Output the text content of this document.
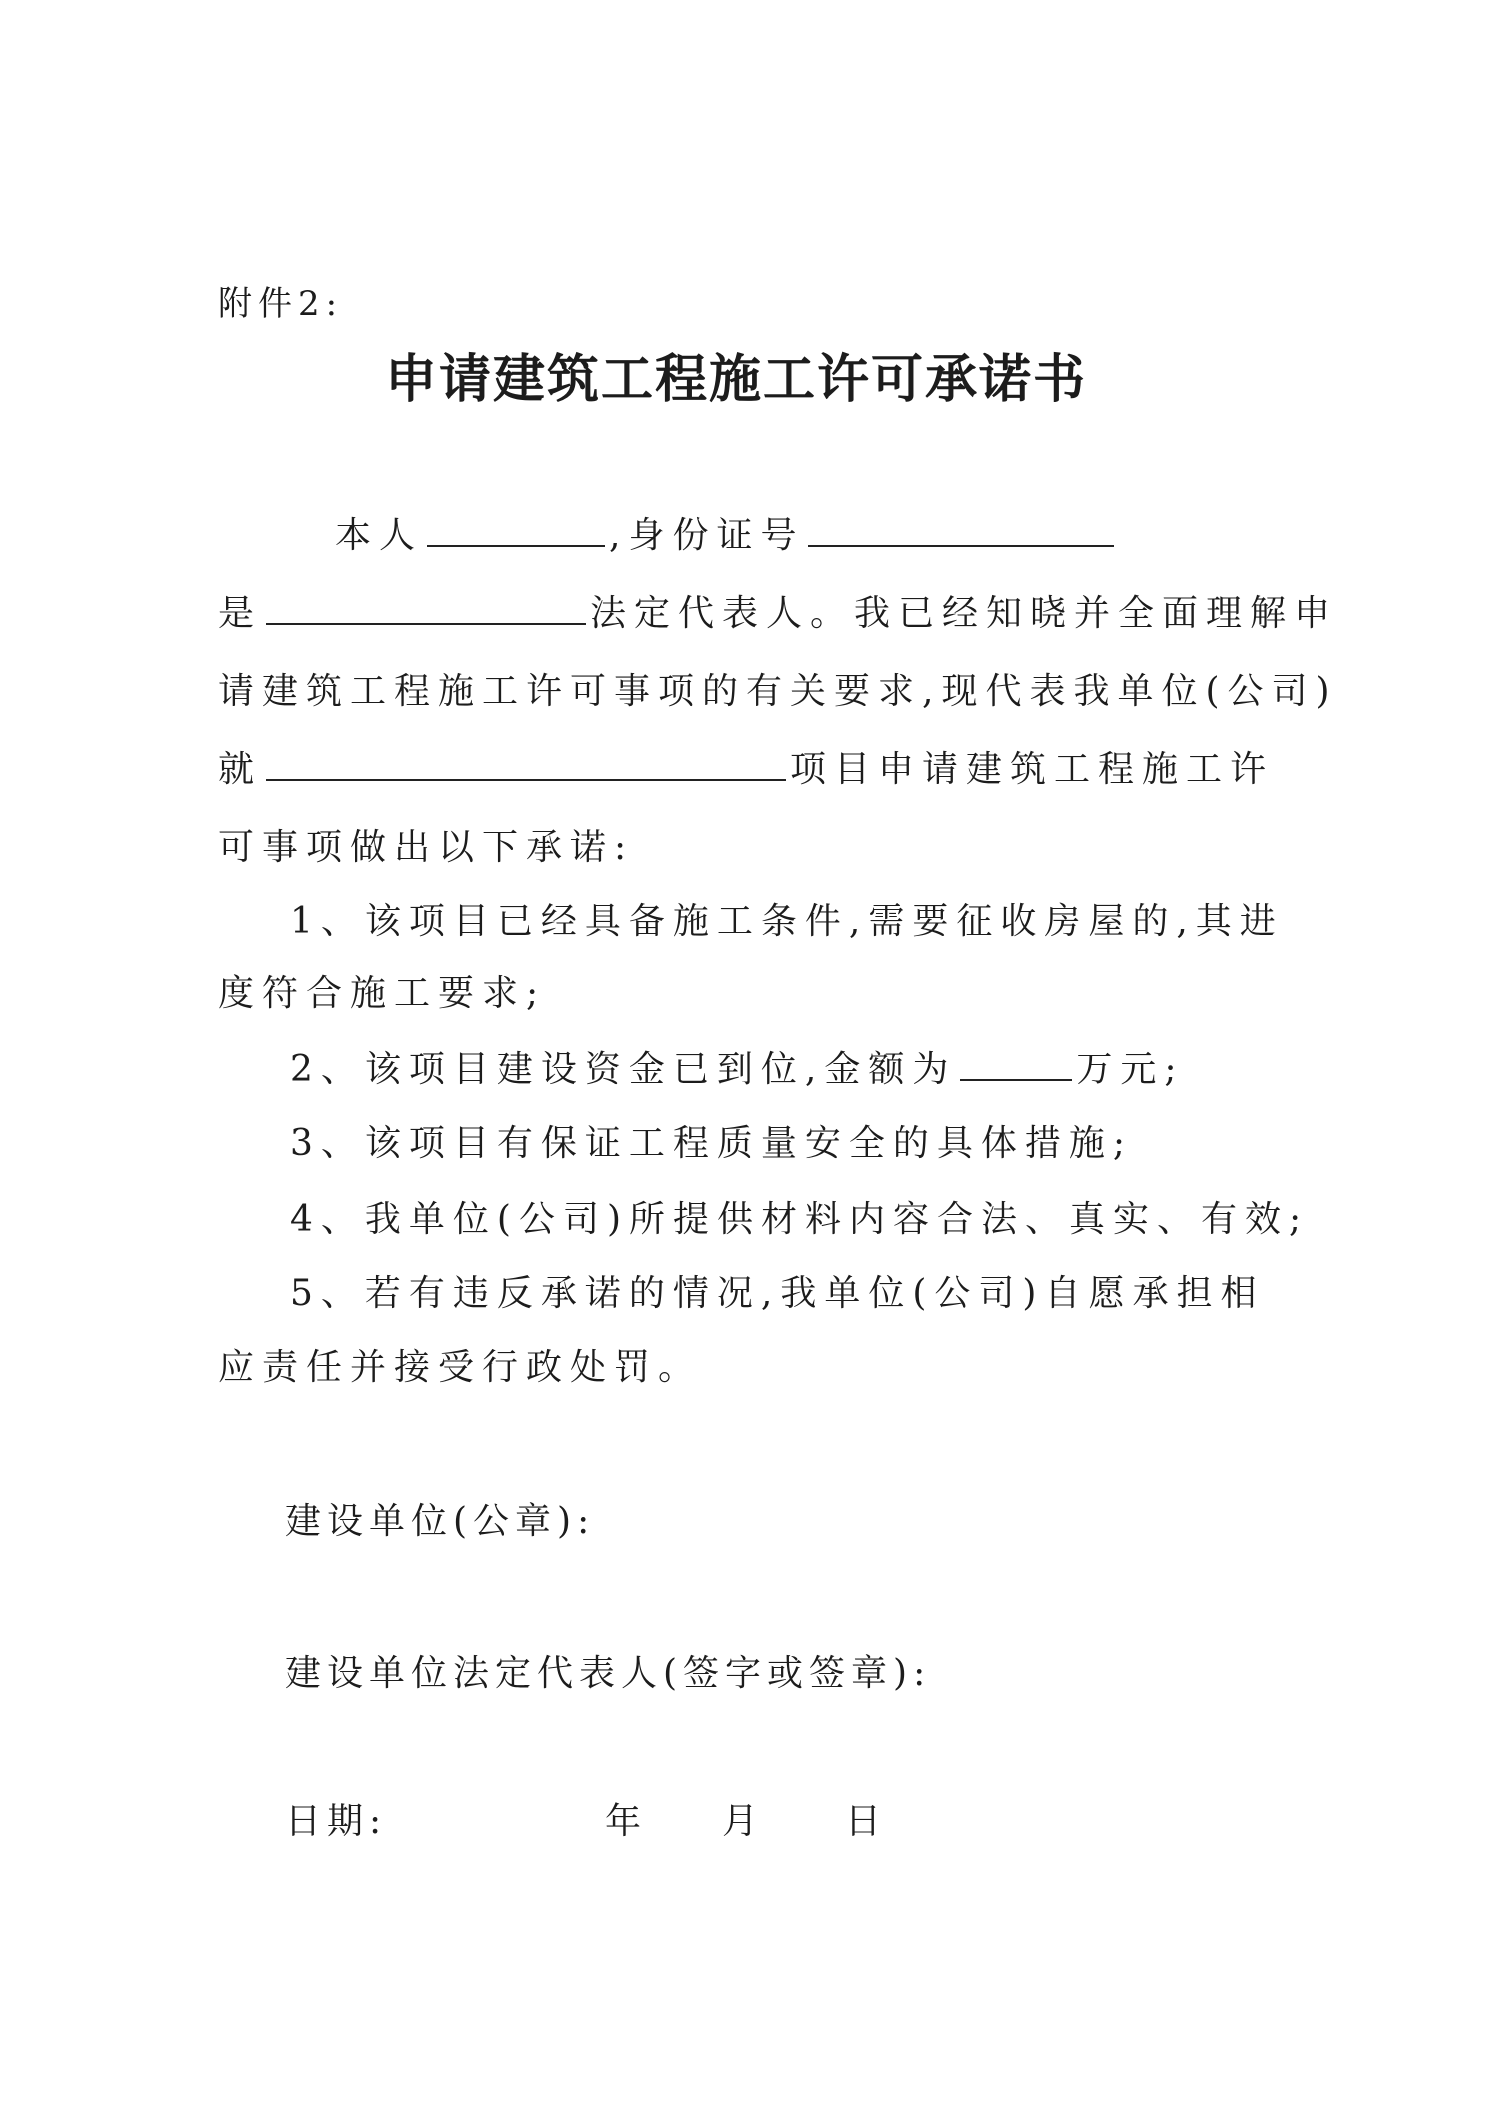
附件2:
申请建筑工程施工许可承诺书
本人	,身份证号
是	法定代表人。我已经知晓并全面理解申
请建筑工程施工许可事项的有关要求,现代表我单位(公司)
就	项目申请建筑工程施工许
可事项做出以下承诺:
1、该项目已经具备施工条件,需要征收房屋的,其进
度符合施工要求;
2、该项目建设资金已到位,金额为	万元;
3、该项目有保证工程质量安全的具体措施;
4、我单位(公司)所提供材料内容合法、真实、有效;
5、若有违反承诺的情况,我单位(公司)自愿承担相
应责任并接受行政处罚。
建设单位(公章):
建设单位法定代表人(签字或签章):
日期:	年 月 日
